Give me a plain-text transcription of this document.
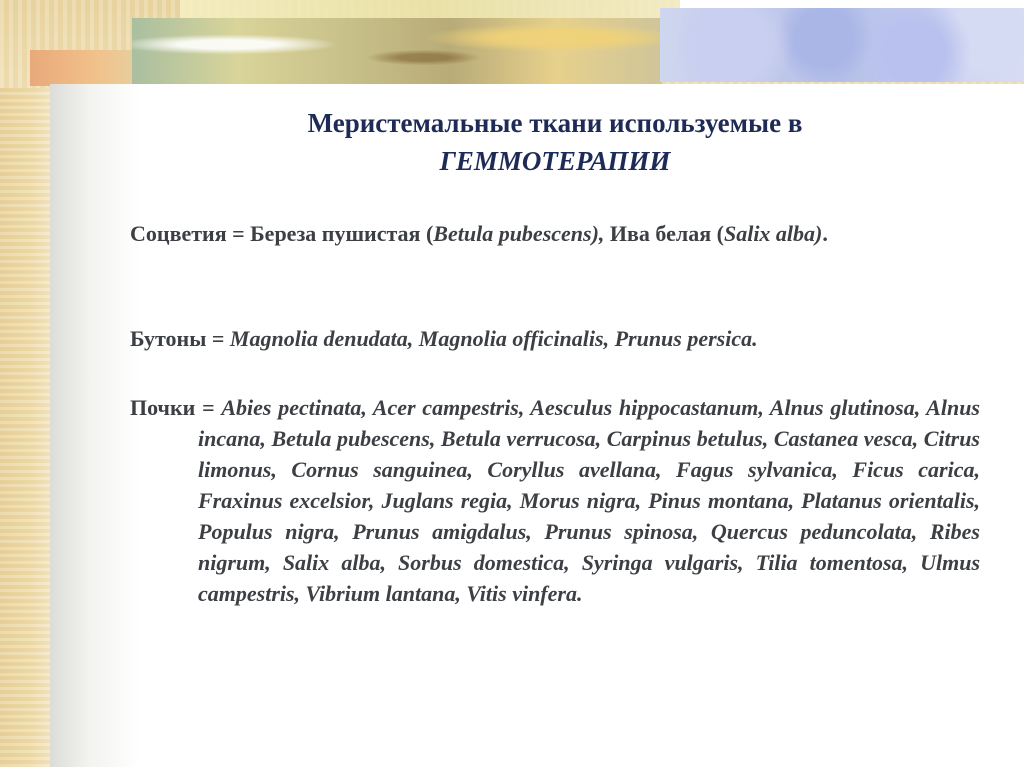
Меристемальные ткани используемые в
ГЕММОТЕРАПИИ
Соцветия = Береза пушистая (Betula pubescens), Ива белая (Salix alba).
Бутоны = Magnolia denudata, Magnolia officinalis, Prunus persica.
Почки = Abies pectinata, Acer campestris, Aesculus hippocastanum, Alnus glutinosa, Alnus incana, Betula pubescens, Betula verrucosa, Carpinus betulus, Castanea vesca, Citrus limonus, Cornus sanguinea, Coryllus avellana, Fagus sylvanica, Ficus carica, Fraxinus excelsior, Juglans regia, Morus nigra, Pinus montana, Platanus orientalis, Populus nigra, Prunus amigdalus, Prunus spinosa, Quercus peduncolata, Ribes nigrum, Salix alba, Sorbus domestica, Syringa vulgaris, Tilia tomentosa, Ulmus campestris, Vibrium lantana, Vitis vinfera.
